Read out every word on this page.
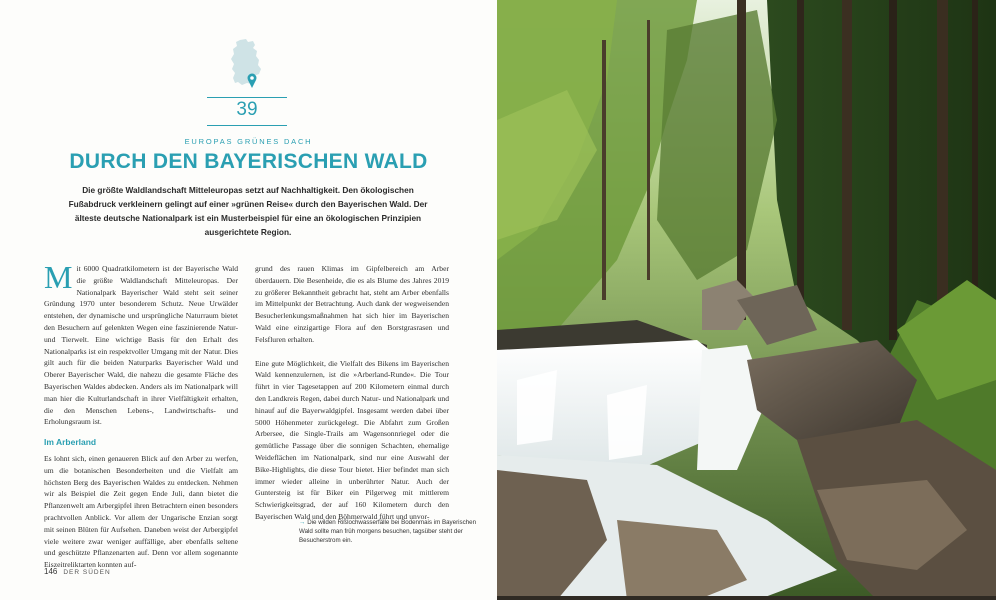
39
EUROPAS GRÜNES DACH
DURCH DEN BAYERISCHEN WALD
Die größte Waldlandschaft Mitteleuropas setzt auf Nachhaltigkeit. Den ökologischen Fußabdruck verkleinern gelingt auf einer »grünen Reise« durch den Bayerischen Wald. Der älteste deutsche Nationalpark ist ein Musterbeispiel für eine an ökologischen Prinzipien ausgerichtete Region.

Mit 6000 Quadratkilometern ist der Bayerische Wald die größte Waldlandschaft Mitteleuropas. Der Nationalpark Bayerischer Wald steht seit seiner Gründung 1970 unter besonderem Schutz. Neue Urwälder entstehen, der dynamische und ursprüngliche Naturraum bietet den Besuchern auf gelenkten Wegen eine faszinierende Natur- und Tierwelt. Eine wichtige Basis für den Erhalt des Nationalparks ist ein respektvoller Umgang mit der Natur. Dies gilt auch für die beiden Naturparks Bayerischer Wald und Oberer Bayerischer Wald, die nahezu die gesamte Fläche des Bayerischen Waldes abdecken. Anders als im Nationalpark will man hier die Kulturlandschaft in ihrer Vielfältigkeit erhalten, die den Menschen Lebens-, Landwirtschafts- und Erholungsraum ist.

Im Arberland

Es lohnt sich, einen genaueren Blick auf den Arber zu werfen, um die botanischen Besonderheiten und die Vielfalt am höchsten Berg des Bayerischen Waldes zu entdecken. Nehmen wir als Beispiel die Zeit gegen Ende Juli, dann bietet die Pflanzenwelt am Arbergipfel ihren Betrachtern einen besonders prachtvollen Anblick. Vor allem der Ungarische Enzian sorgt mit seinen Blüten für Aufsehen. Daneben weist der Arbergipfel viele weitere zwar weniger auffällige, aber ebenfalls seltene und geschützte Pflanzenarten auf. Denn vor allem sogenannte Eiszeitreliktarten konnten auf-

grund des rauen Klimas im Gipfelbereich am Arber überdauern. Die Besenheide, die es als Blume des Jahres 2019 zu größerer Bekanntheit gebracht hat, steht am Arber ebenfalls im Mittelpunkt der Betrachtung. Auch dank der wegweisenden Besucherlenkungsmaßnahmen hat sich hier im Bayerischen Wald eine einzigartige Flora auf den Borstgrasrasen und Felsfluren erhalten.

Eine gute Möglichkeit, die Vielfalt des Bikens im Bayerischen Wald kennenzulernen, ist die »Arberland-Runde«. Die Tour führt in vier Tagesetappen auf 200 Kilometern einmal durch den Landkreis Regen, dabei durch Natur- und Nationalpark und hinauf auf die Bayerwaldgipfel. Insgesamt werden dabei über 5000 Höhenmeter zurückgelegt. Die Abfahrt zum Großen Arbersee, die Single-Trails am Wagensonnriegel oder die gemütliche Passage über die sonnigen Schachten, ehemalige Weideflächen im Nationalpark, sind nur eine Auswahl der Bike-Highlights, die diese Tour bietet. Hier befindet man sich immer wieder alleine in unberührter Natur. Auch der Guntersteig ist für Biker ein Pilgerweg mit mittlerem Schwierigkeitsgrad, der auf 160 Kilometern durch den Bayerischen Wald und den Böhmerwald führt und unvor-

→ Die wilden Rißlochwasserfälle bei Bodenmais im Bayerischen Wald sollte man früh morgens besuchen, tagsüber steht der Besucherstrom ein.
146 DER SÜDEN
